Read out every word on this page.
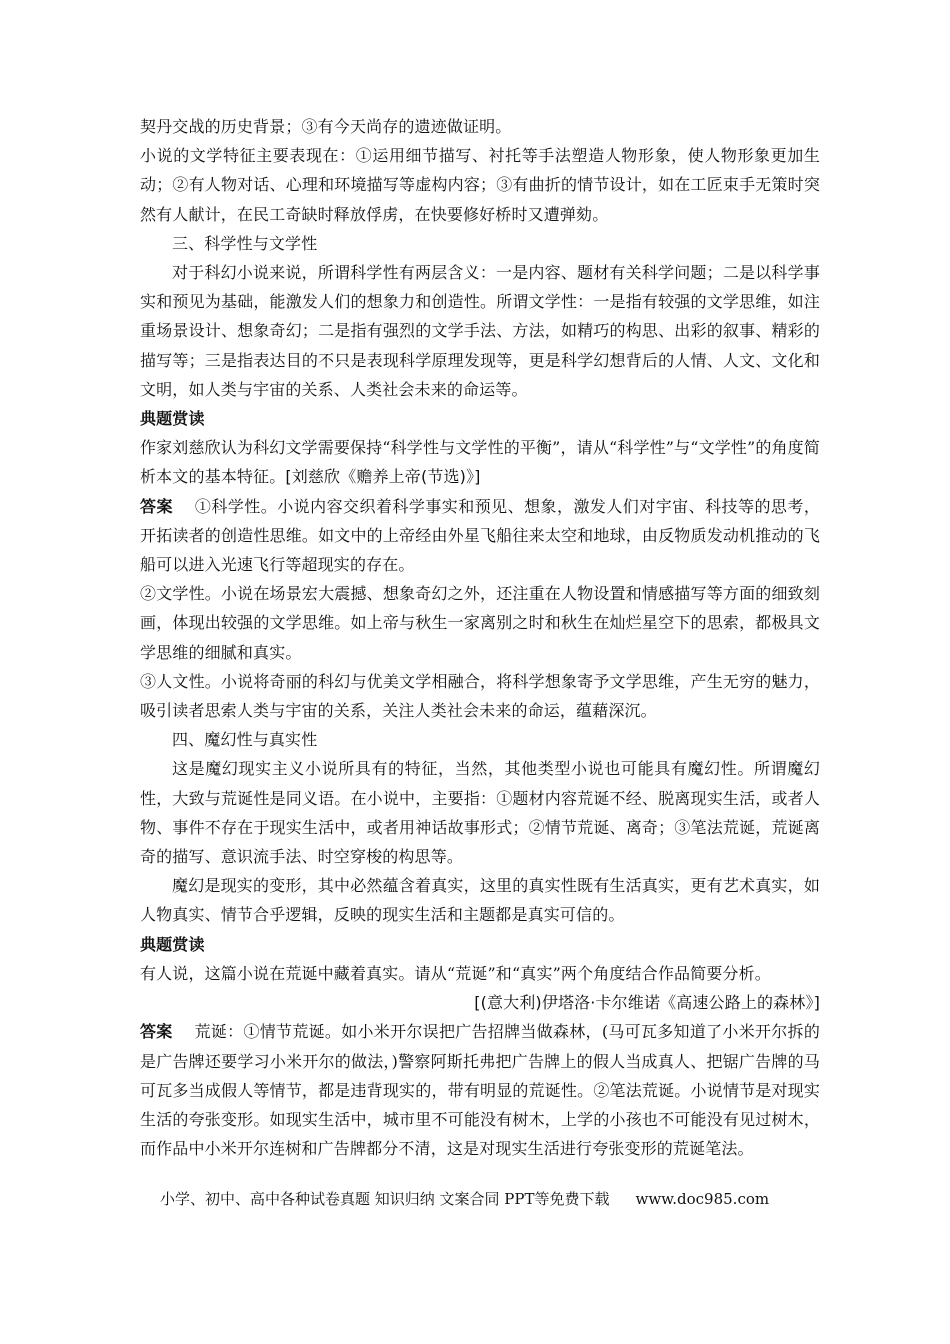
契丹交战的历史背景；③有今天尚存的遗迹做证明。

小说的文学特征主要表现在：①运用细节描写、衬托等手法塑造人物形象，使人物形象更加生动；②有人物对话、心理和环境描写等虚构内容；③有曲折的情节设计，如在工匠束手无策时突然有人献计，在民工奇缺时释放俘虏，在快要修好桥时又遭弹劾。

三、科学性与文学性

对于科幻小说来说，所谓科学性有两层含义：一是内容、题材有关科学问题；二是以科学事实和预见为基础，能激发人们的想象力和创造性。所谓文学性：一是指有较强的文学思维，如注重场景设计、想象奇幻；二是指有强烈的文学手法、方法，如精巧的构思、出彩的叙事、精彩的描写等；三是指表达目的不只是表现科学原理发现等，更是科学幻想背后的人情、人文、文化和文明，如人类与宇宙的关系、人类社会未来的命运等。

典题赏读

作家刘慈欣认为科幻文学需要保持“科学性与文学性的平衡”，请从“科学性”与“文学性”的角度简析本文的基本特征。[刘慈欣《赡养上帝(节选)》]

答案 ①科学性。小说内容交织着科学事实和预见、想象，激发人们对宇宙、科技等的思考，开拓读者的创造性思维。如文中的上帝经由外星飞船往来太空和地球，由反物质发动机推动的飞船可以进入光速飞行等超现实的存在。

②文学性。小说在场景宏大震撼、想象奇幻之外，还注重在人物设置和情感描写等方面的细致刻画，体现出较强的文学思维。如上帝与秋生一家离别之时和秋生在灿烂星空下的思索，都极具文学思维的细腻和真实。

③人文性。小说将奇丽的科幻与优美文学相融合，将科学想象寄予文学思维，产生无穷的魅力，吸引读者思索人类与宇宙的关系，关注人类社会未来的命运，蕴藉深沉。

四、魔幻性与真实性

这是魔幻现实主义小说所具有的特征，当然，其他类型小说也可能具有魔幻性。所谓魔幻性，大致与荒诞性是同义语。在小说中，主要指：①题材内容荒诞不经、脱离现实生活，或者人物、事件不存在于现实生活中，或者用神话故事形式；②情节荒诞、离奇；③笔法荒诞，荒诞离奇的描写、意识流手法、时空穿梭的构思等。

魔幻是现实的变形，其中必然蕴含着真实，这里的真实性既有生活真实，更有艺术真实，如人物真实、情节合乎逻辑，反映的现实生活和主题都是真实可信的。

典题赏读

有人说，这篇小说在荒诞中藏着真实。请从“荒诞”和“真实”两个角度结合作品简要分析。

[(意大利)伊塔洛·卡尔维诺《高速公路上的森林》]

答案 荒诞：①情节荒诞。如小米开尔误把广告招牌当做森林，(马可瓦多知道了小米开尔拆的是广告牌还要学习小米开尔的做法，)警察阿斯托弗把广告牌上的假人当成真人、把锯广告牌的马可瓦多当成假人等情节，都是违背现实的，带有明显的荒诞性。②笔法荒诞。小说情节是对现实生活的夸张变形。如现实生活中，城市里不可能没有树木，上学的小孩也不可能没有见过树木，而作品中小米开尔连树和广告牌都分不清，这是对现实生活进行夸张变形的荒诞笔法。

小学、初中、高中各种试卷真题 知识归纳 文案合同 PPT等免费下载 www.doc985.com
